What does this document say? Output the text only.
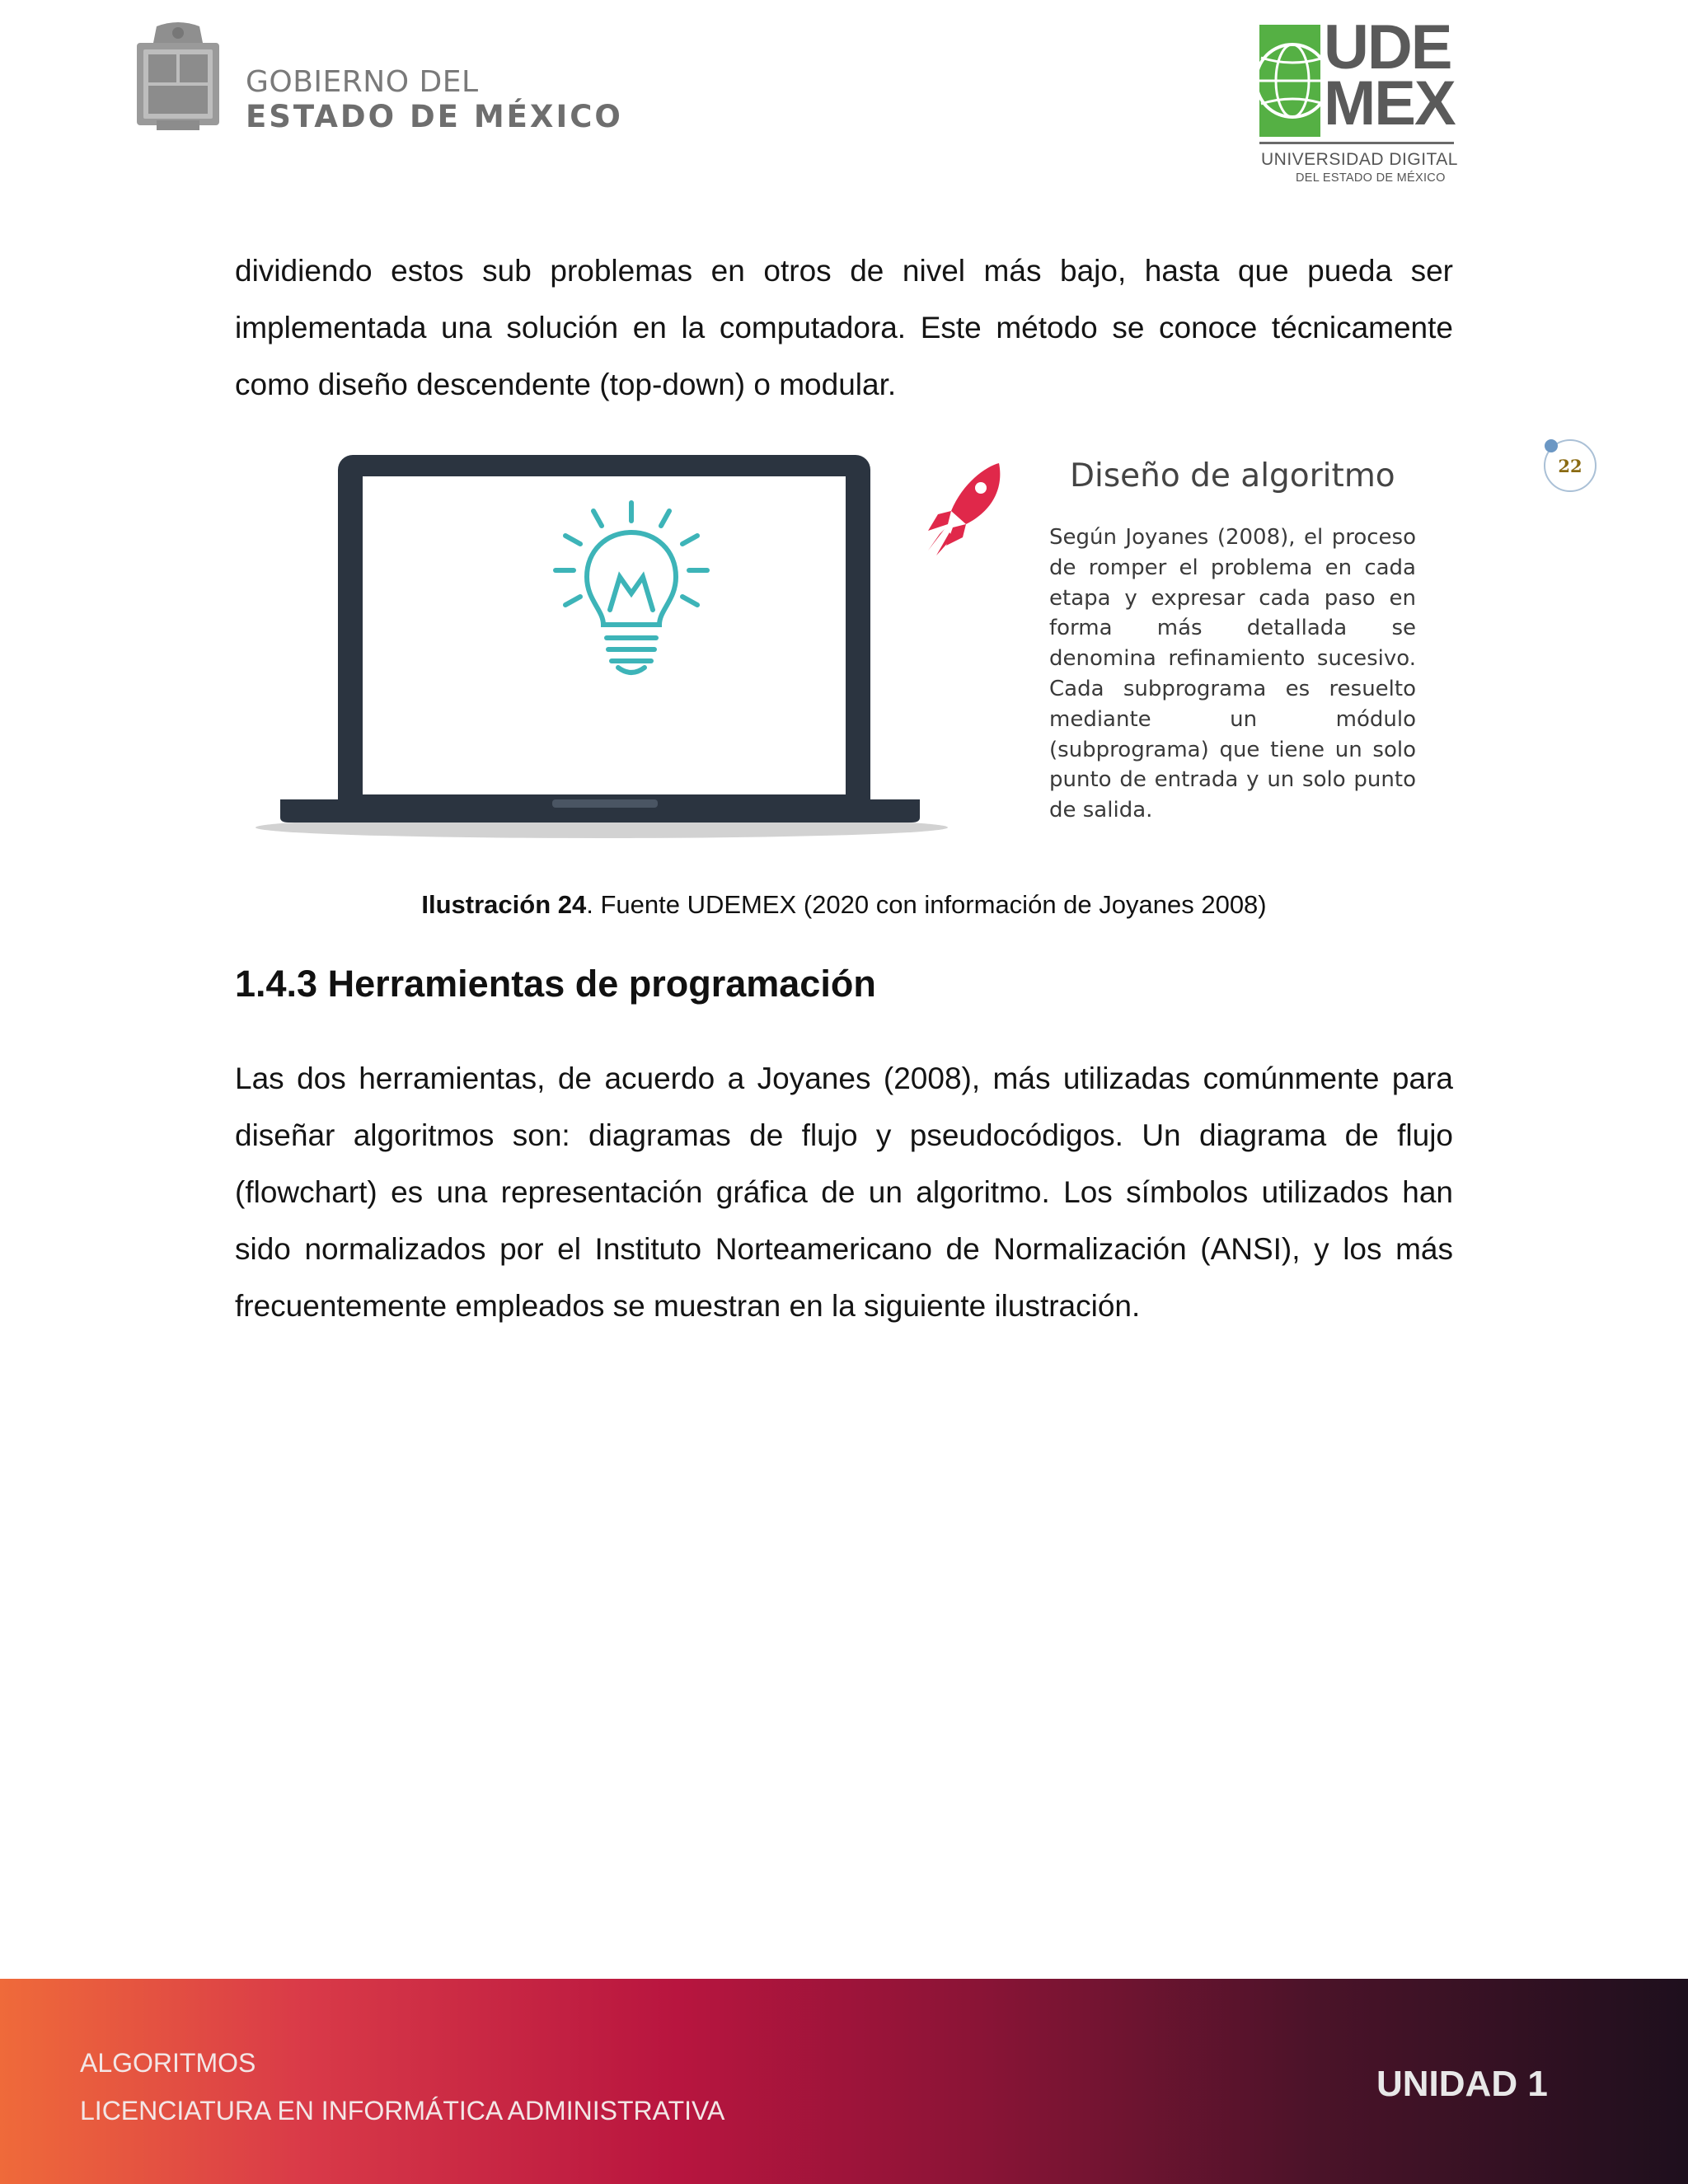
GOBIERNO DEL
ESTADO DE MÉXICO
UDE
MEX
UNIVERSIDAD DIGITAL
DEL ESTADO DE MÉXICO
22

dividiendo estos sub problemas en otros de nivel más bajo, hasta que pueda ser implementada una solución en la computadora. Este método se conoce técnicamente como diseño descendente (top-down) o modular.

Diseño de algoritmo

Según Joyanes (2008), el proceso de romper el problema en cada etapa y expresar cada paso en forma más detallada se denomina refinamiento sucesivo. Cada subprograma es resuelto mediante un módulo (subprograma) que tiene un solo punto de entrada y un solo punto de salida.

Ilustración 24. Fuente UDEMEX (2020 con información de Joyanes 2008)
1.4.3 Herramientas de programación

Las dos herramientas, de acuerdo a Joyanes (2008), más utilizadas comúnmente para diseñar algoritmos son: diagramas de flujo y pseudocódigos. Un diagrama de flujo (flowchart) es una representación gráfica de un algoritmo. Los símbolos utilizados han sido normalizados por el Instituto Norteamericano de Normalización (ANSI), y los más frecuentemente empleados se muestran en la siguiente ilustración.

ALGORITMOS
LICENCIATURA EN INFORMÁTICA ADMINISTRATIVA
UNIDAD 1
